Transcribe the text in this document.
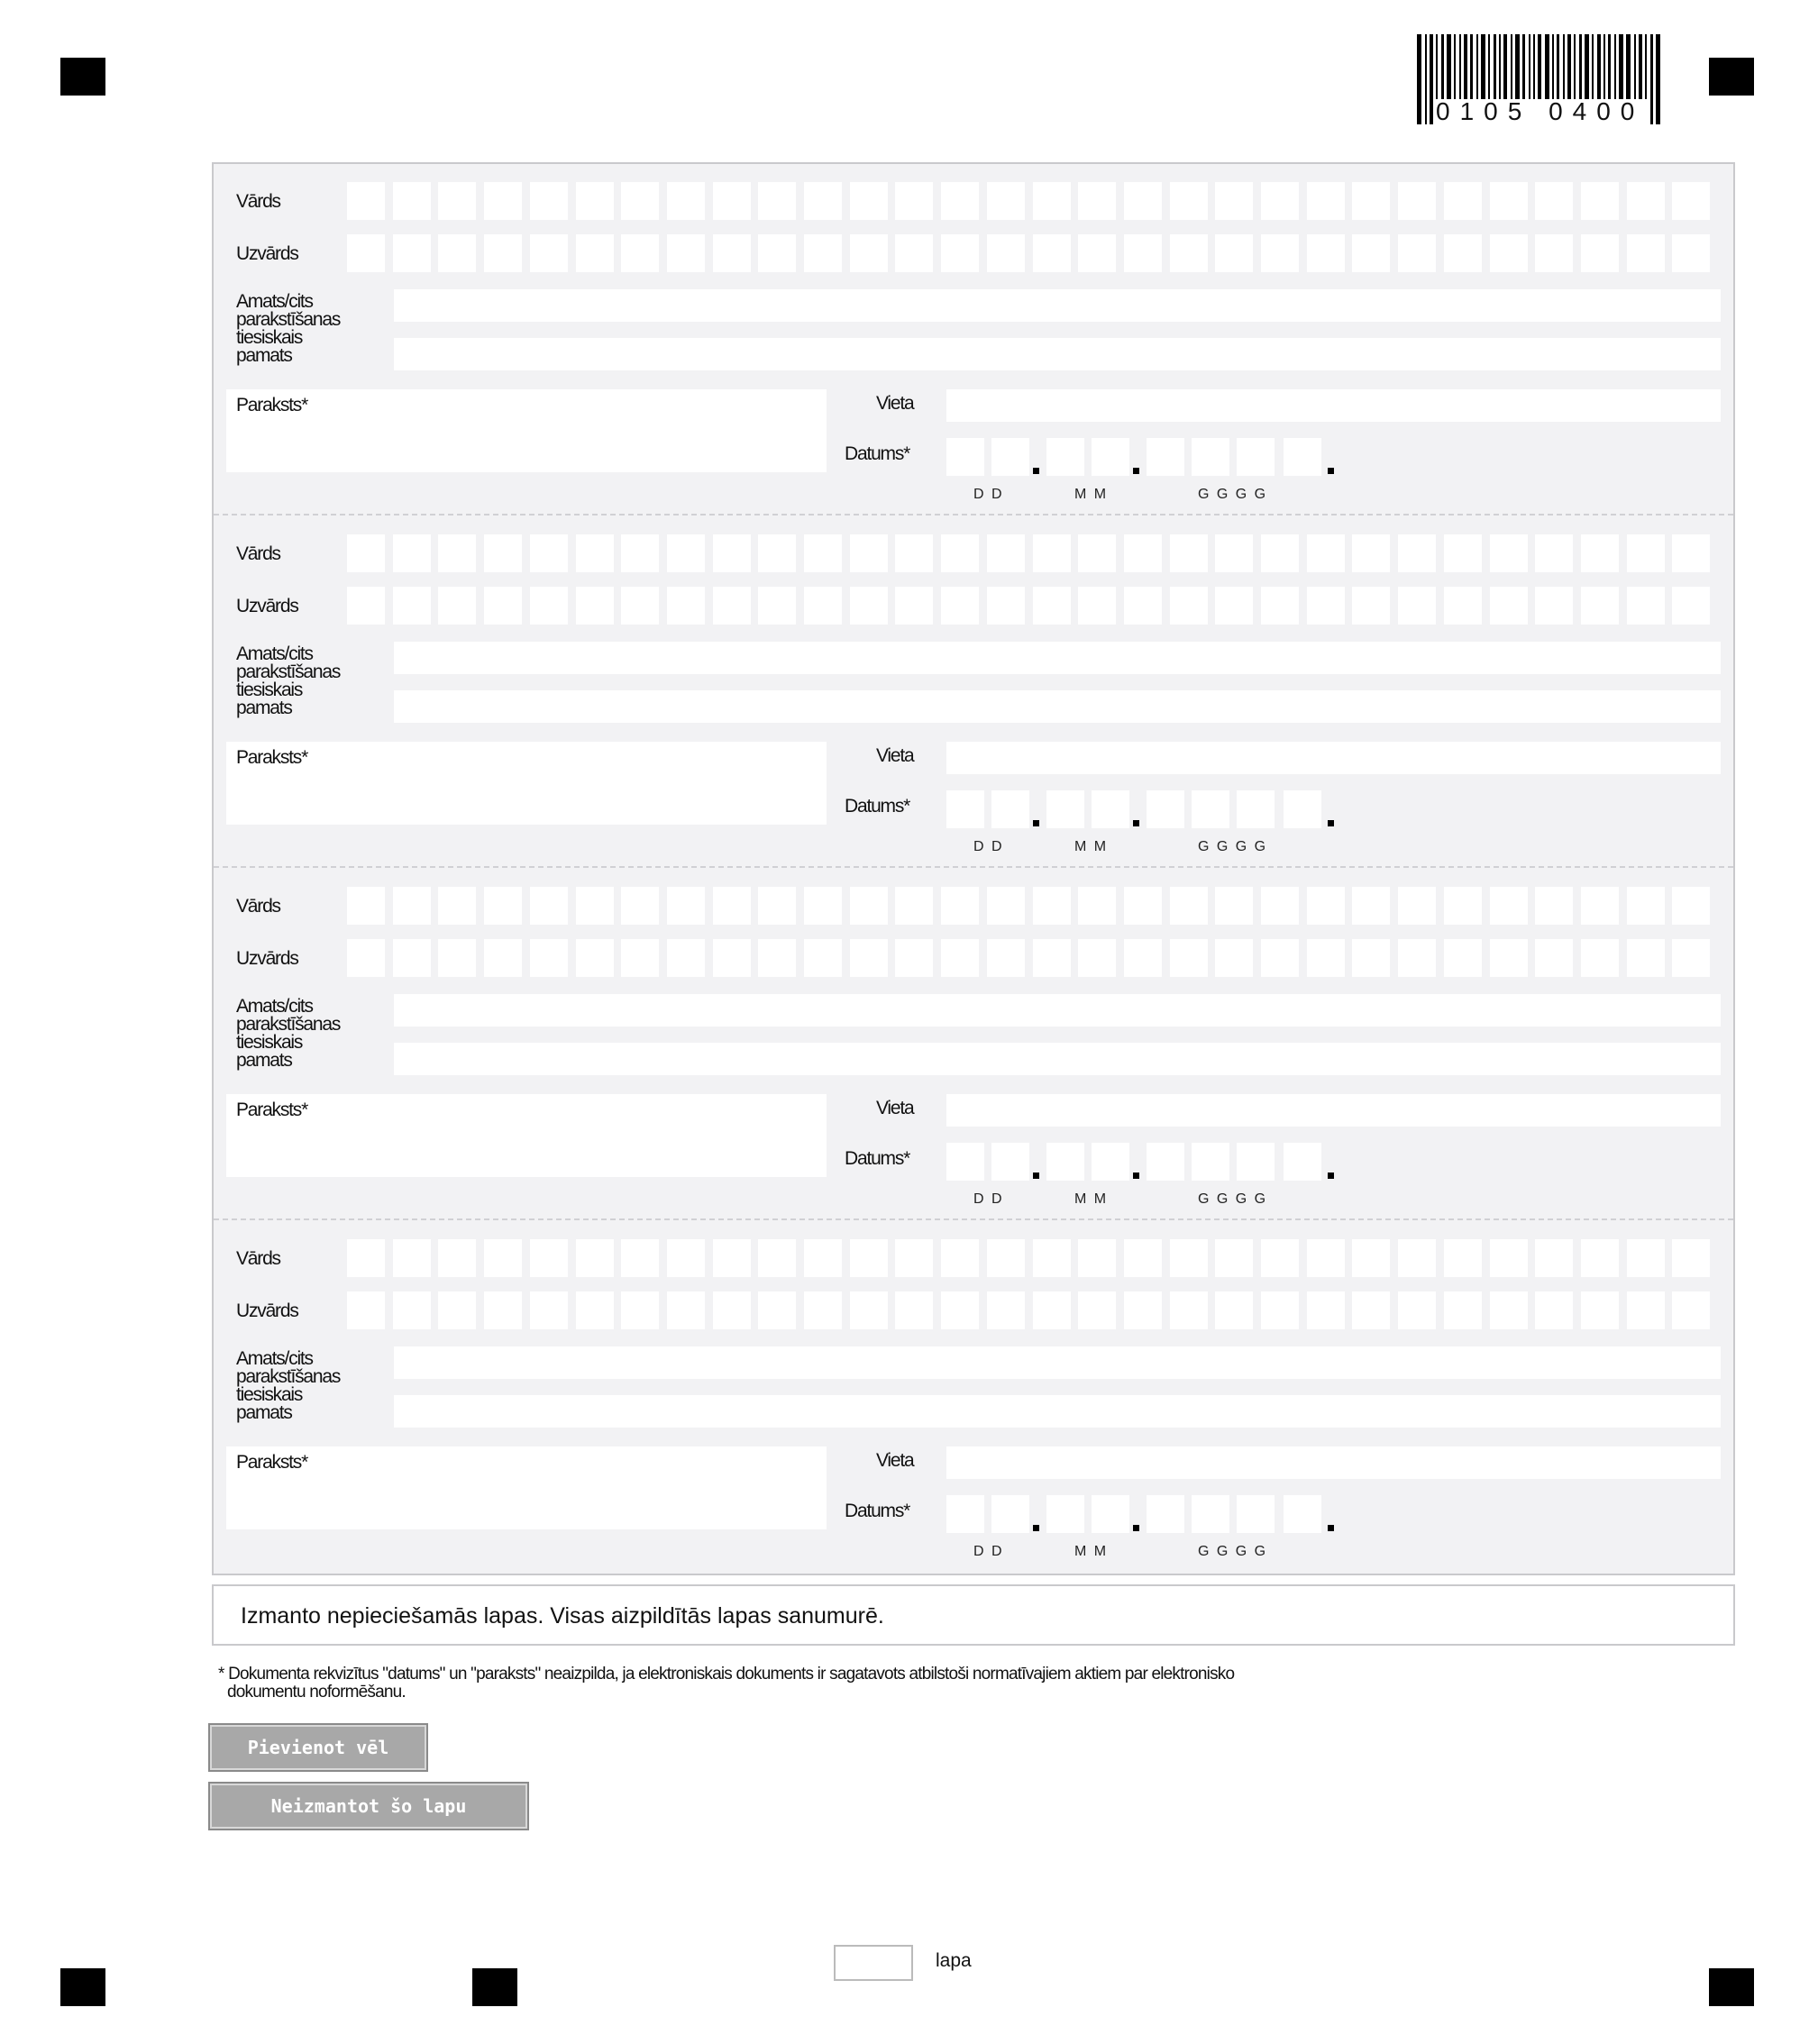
0105 0400
Vārds
Uzvārds
Amats/cits
parakstīšanas
tiesiskais
pamats
Paraksts*	Vieta
Datums*
D D	M M	G G G G
Vārds
Uzvārds
Amats/cits
parakstīšanas
tiesiskais
pamats
Paraksts*	Vieta
Datums*
D D	M M	G G G G
Vārds
Uzvārds
Amats/cits
parakstīšanas
tiesiskais
pamats
Paraksts*	Vieta
Datums*
D D	M M	G G G G
Vārds
Uzvārds
Amats/cits
parakstīšanas
tiesiskais
pamats
Paraksts*	Vieta
Datums*
D D	M M	G G G G
Izmanto nepieciešamās lapas. Visas aizpildītās lapas sanumurē.
* Dokumenta rekvizītus "datums" un "paraksts" neaizpilda, ja elektroniskais dokuments ir sagatavots atbilstoši normatīvajiem aktiem par elektronisko
dokumentu noformēšanu.
Pievienot vēl
Neizmantot šo lapu
lapa
